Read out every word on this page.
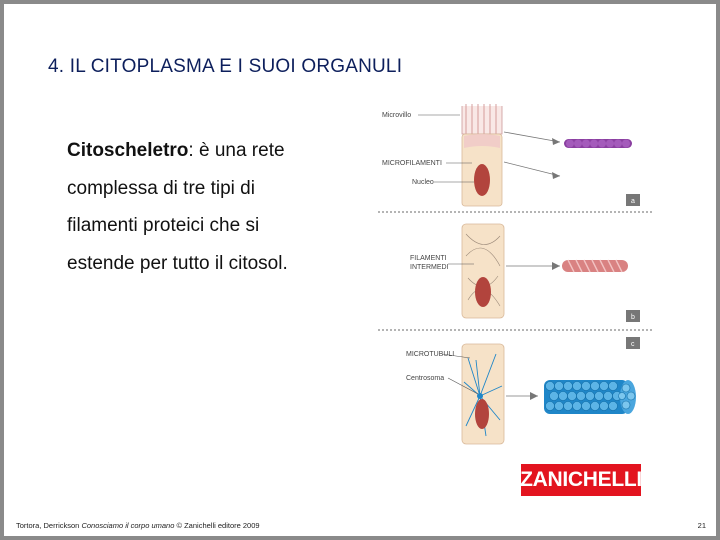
4. IL CITOPLASMA E I SUOI ORGANULI
Citoscheletro: è una rete
complessa di tre tipi di
filamenti proteici che si
estende per tutto il citosol.
Microvillo
MICROFILAMENTI
Nucleo
a
FILAMENTI
INTERMEDI
b
c
MICROTUBULI
Centrosoma
ZANICHELLI
Tortora, Derrickson Conosciamo il corpo umano © Zanichelli editore 2009	21
